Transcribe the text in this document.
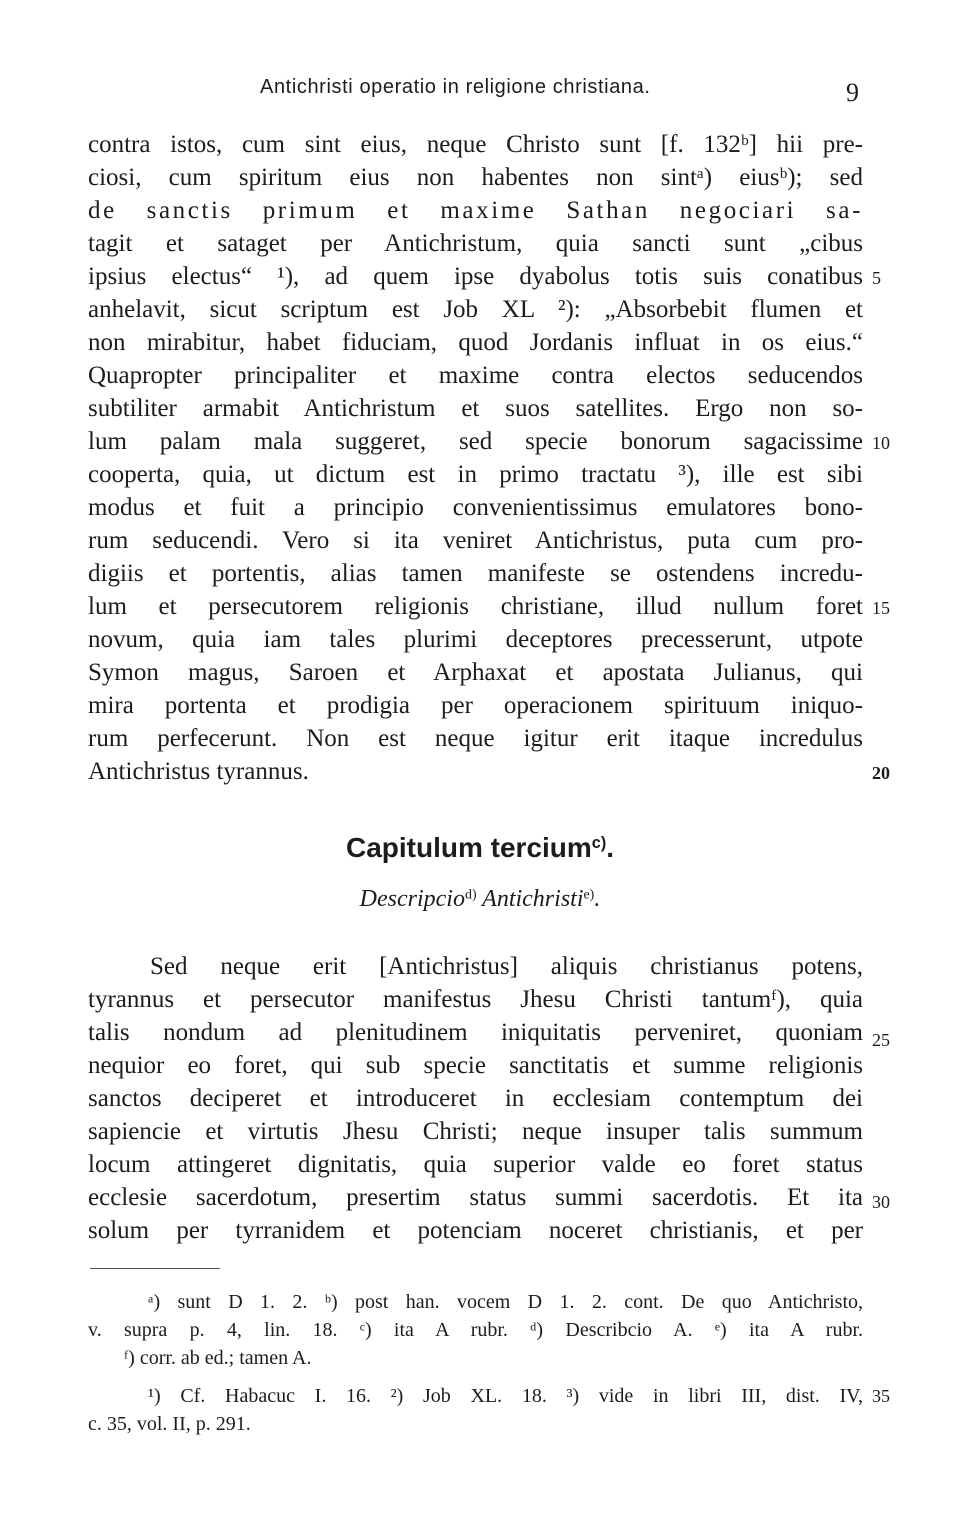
Antichristi operatio in religione christiana.	9
contra istos, cum sint eius, neque Christo sunt [f. 132ᵇ] hii pre-
ciosi, cum spiritum eius non habentes non sintᵃ) eiusᵇ); sed
de sanctis primum et maxime Sathan negociari sa-
tagit et sataget per Antichristum, quia sancti sunt „cibus
ipsius electus“ ¹), ad quem ipse dyabolus totis suis conatibus
anhelavit, sicut scriptum est Job XL ²): „Absorbebit flumen et
non mirabitur, habet fiduciam, quod Jordanis influat in os eius.“
Quapropter principaliter et maxime contra electos seducendos
subtiliter armabit Antichristum et suos satellites. Ergo non so-
lum palam mala suggeret, sed specie bonorum sagacissime
cooperta, quia, ut dictum est in primo tractatu ³), ille est sibi
modus et fuit a principio convenientissimus emulatores bono-
rum seducendi. Vero si ita veniret Antichristus, puta cum pro-
digiis et portentis, alias tamen manifeste se ostendens incredu-
lum et persecutorem religionis christiane, illud nullum foret
novum, quia iam tales plurimi deceptores precesserunt, utpote
Symon magus, Saroen et Arphaxat et apostata Julianus, qui
mira portenta et prodigia per operacionem spirituum iniquo-
rum perfecerunt. Non est neque igitur erit itaque incredulus
Antichristus tyrannus.
5
10
15
20
25
30
Capitulum tercium$^{c)}$.
Descripcio$^{d)}$ Antichristi$^{e)}$.
Sed neque erit [Antichristus] aliquis christianus potens,
tyrannus et persecutor manifestus Jhesu Christi tantumᶠ), quia
talis nondum ad plenitudinem iniquitatis perveniret, quoniam
nequior eo foret, qui sub specie sanctitatis et summe religionis
sanctos deciperet et introduceret in ecclesiam contemptum dei
sapiencie et virtutis Jhesu Christi; neque insuper talis summum
locum attingeret dignitatis, quia superior valde eo foret status
ecclesie sacerdotum, presertim status summi sacerdotis. Et ita
solum per tyrranidem et potenciam noceret christianis, et per
ᵃ) sunt D 1. 2. ᵇ) post han. vocem D 1. 2. cont. De quo Antichristo,
v. supra p. 4, lin. 18. ᶜ) ita A rubr. ᵈ) Describcio A. ᵉ) ita A rubr.
ᶠ) corr. ab ed.; tamen A.
¹) Cf. Habacuc I. 16. ²) Job XL. 18. ³) vide in libri III, dist. IV,
c. 35, vol. II, p. 291.
35
